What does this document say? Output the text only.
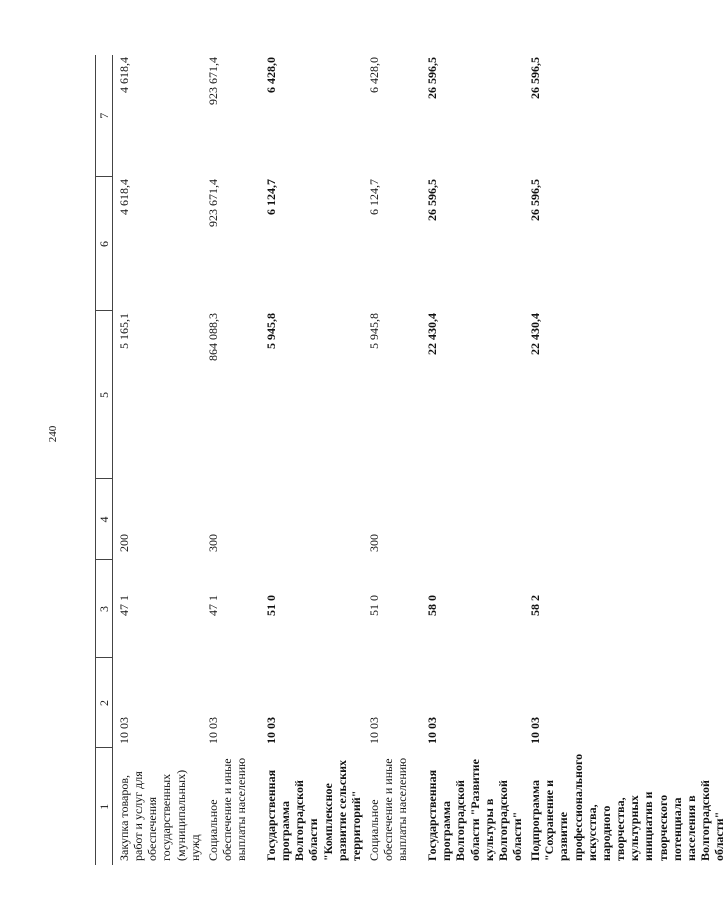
240
1	2	3	4	5	6	7
Закупка товаров, работ и услуг для обеспечения государственных (муниципальных) нужд	10 03	47 1	200	5 165,1	4 618,4	4 618,4
Социальное обеспечение и иные выплаты населению	10 03	47 1	300	864 088,3	923 671,4	923 671,4
Государственная программа Волгоградской области "Комплексное развитие сельских территорий"	10 03	51 0		5 945,8	6 124,7	6 428,0
Социальное обеспечение и иные выплаты населению	10 03	51 0	300	5 945,8	6 124,7	6 428,0
Государственная программа Волгоградской области "Развитие культуры в Волгоградской области"	10 03	58 0		22 430,4	26 596,5	26 596,5
Подпрограмма "Сохранение и развитие профессионального искусства, народного творчества, культурных инициатив и творческого потенциала населения в Волгоградской области"	10 03	58 2		22 430,4	26 596,5	26 596,5
